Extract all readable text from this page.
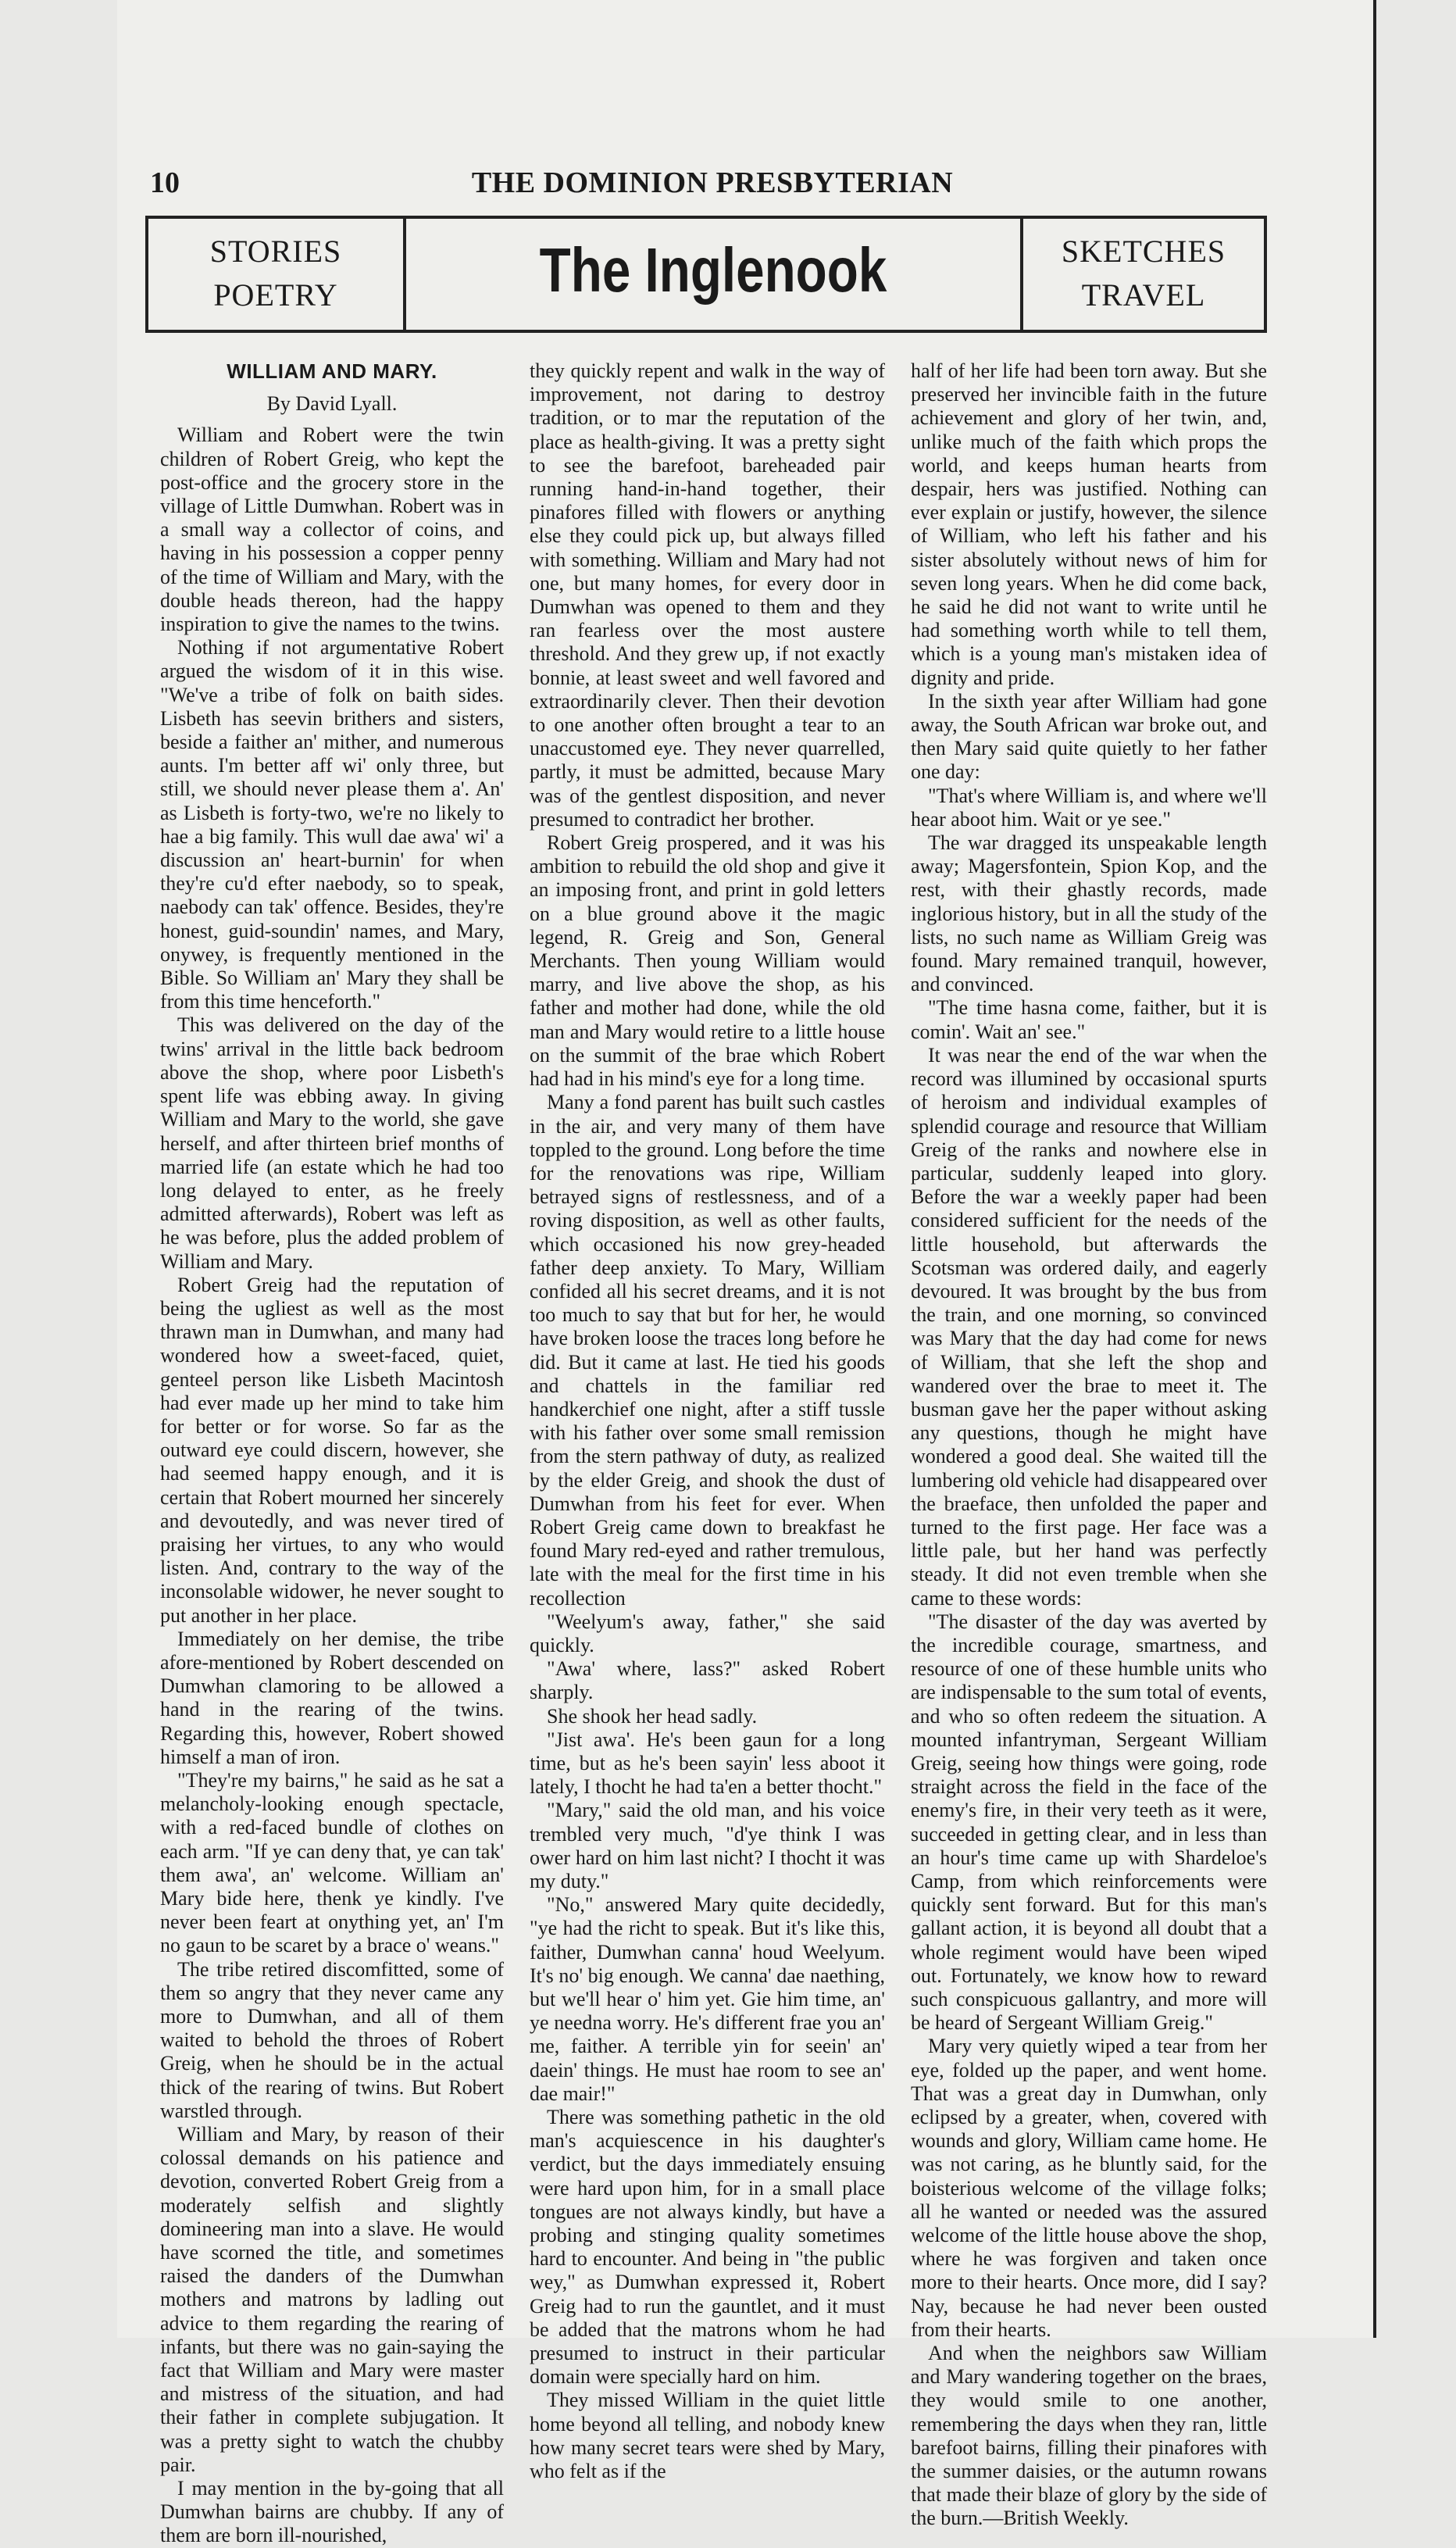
10	THE DOMINION PRESBYTERIAN
STORIES
POETRY	The Inglenook	SKETCHES
TRAVEL
WILLIAM AND MARY.
By David Lyall.

William and Robert were the twin children of Robert Greig, who kept the post-office and the grocery store in the village of Little Dumwhan. Robert was in a small way a collector of coins, and having in his possession a copper penny of the time of William and Mary, with the double heads thereon, had the happy inspiration to give the names to the twins.

Nothing if not argumentative Robert argued the wisdom of it in this wise. "We've a tribe of folk on baith sides. Lisbeth has seevin brithers and sisters, beside a faither an' mither, and numerous aunts. I'm better aff wi' only three, but still, we should never please them a'. An' as Lisbeth is forty-two, we're no likely to hae a big family. This wull dae awa' wi' a discussion an' heart-burnin' for when they're cu'd efter naebody, so to speak, naebody can tak' offence. Besides, they're honest, guid-soundin' names, and Mary, onywey, is frequently mentioned in the Bible. So William an' Mary they shall be from this time henceforth."

This was delivered on the day of the twins' arrival in the little back bedroom above the shop, where poor Lisbeth's spent life was ebbing away. In giving William and Mary to the world, she gave herself, and after thirteen brief months of married life (an estate which he had too long delayed to enter, as he freely admitted afterwards), Robert was left as he was before, plus the added problem of William and Mary.

Robert Greig had the reputation of being the ugliest as well as the most thrawn man in Dumwhan, and many had wondered how a sweet-faced, quiet, genteel person like Lisbeth Macintosh had ever made up her mind to take him for better or for worse. So far as the outward eye could discern, however, she had seemed happy enough, and it is certain that Robert mourned her sincerely and devoutedly, and was never tired of praising her virtues, to any who would listen. And, contrary to the way of the inconsolable widower, he never sought to put another in her place.

Immediately on her demise, the tribe afore-mentioned by Robert descended on Dumwhan clamoring to be allowed a hand in the rearing of the twins. Regarding this, however, Robert showed himself a man of iron.

"They're my bairns," he said as he sat a melancholy-looking enough spectacle, with a red-faced bundle of clothes on each arm. "If ye can deny that, ye can tak' them awa', an' welcome. William an' Mary bide here, thenk ye kindly. I've never been feart at onything yet, an' I'm no gaun to be scaret by a brace o' weans."

The tribe retired discomfitted, some of them so angry that they never came any more to Dumwhan, and all of them waited to behold the throes of Robert Greig, when he should be in the actual thick of the rearing of twins. But Robert warstled through.

William and Mary, by reason of their colossal demands on his patience and devotion, converted Robert Greig from a moderately selfish and slightly domineering man into a slave. He would have scorned the title, and sometimes raised the danders of the Dumwhan mothers and matrons by ladling out advice to them regarding the rearing of infants, but there was no gain-saying the fact that William and Mary were master and mistress of the situation, and had their father in complete subjugation. It was a pretty sight to watch the chubby pair.

I may mention in the by-going that all Dumwhan bairns are chubby. If any of them are born ill-nourished,

they quickly repent and walk in the way of improvement, not daring to destroy tradition, or to mar the reputation of the place as health-giving. It was a pretty sight to see the barefoot, bareheaded pair running hand-in-hand together, their pinafores filled with flowers or anything else they could pick up, but always filled with something. William and Mary had not one, but many homes, for every door in Dumwhan was opened to them and they ran fearless over the most austere threshold. And they grew up, if not exactly bonnie, at least sweet and well favored and extraordinarily clever. Then their devotion to one another often brought a tear to an unaccustomed eye. They never quarrelled, partly, it must be admitted, because Mary was of the gentlest disposition, and never presumed to contradict her brother.

Robert Greig prospered, and it was his ambition to rebuild the old shop and give it an imposing front, and print in gold letters on a blue ground above it the magic legend, R. Greig and Son, General Merchants. Then young William would marry, and live above the shop, as his father and mother had done, while the old man and Mary would retire to a little house on the summit of the brae which Robert had had in his mind's eye for a long time.

Many a fond parent has built such castles in the air, and very many of them have toppled to the ground. Long before the time for the renovations was ripe, William betrayed signs of restlessness, and of a roving disposition, as well as other faults, which occasioned his now grey-headed father deep anxiety. To Mary, William confided all his secret dreams, and it is not too much to say that but for her, he would have broken loose the traces long before he did. But it came at last. He tied his goods and chattels in the familiar red handkerchief one night, after a stiff tussle with his father over some small remission from the stern pathway of duty, as realized by the elder Greig, and shook the dust of Dumwhan from his feet for ever. When Robert Greig came down to breakfast he found Mary red-eyed and rather tremulous, late with the meal for the first time in his recollection

"Weelyum's away, father," she said quickly.

"Awa' where, lass?" asked Robert sharply.

She shook her head sadly.

"Jist awa'. He's been gaun for a long time, but as he's been sayin' less aboot it lately, I thocht he had ta'en a better thocht."

"Mary," said the old man, and his voice trembled very much, "d'ye think I was ower hard on him last nicht? I thocht it was my duty."

"No," answered Mary quite decidedly, "ye had the richt to speak. But it's like this, faither, Dumwhan canna' houd Weelyum. It's no' big enough. We canna' dae naething, but we'll hear o' him yet. Gie him time, an' ye needna worry. He's different frae you an' me, faither. A terrible yin for seein' an' daein' things. He must hae room to see an' dae mair!"

There was something pathetic in the old man's acquiescence in his daughter's verdict, but the days immediately ensuing were hard upon him, for in a small place tongues are not always kindly, but have a probing and stinging quality sometimes hard to encounter. And being in "the public wey," as Dumwhan expressed it, Robert Greig had to run the gauntlet, and it must be added that the matrons whom he had presumed to instruct in their particular domain were specially hard on him.

They missed William in the quiet little home beyond all telling, and nobody knew how many secret tears were shed by Mary, who felt as if the

half of her life had been torn away. But she preserved her invincible faith in the future achievement and glory of her twin, and, unlike much of the faith which props the world, and keeps human hearts from despair, hers was justified. Nothing can ever explain or justify, however, the silence of William, who left his father and his sister absolutely without news of him for seven long years. When he did come back, he said he did not want to write until he had something worth while to tell them, which is a young man's mistaken idea of dignity and pride.

In the sixth year after William had gone away, the South African war broke out, and then Mary said quite quietly to her father one day:

"That's where William is, and where we'll hear aboot him. Wait or ye see."

The war dragged its unspeakable length away; Magersfontein, Spion Kop, and the rest, with their ghastly records, made inglorious history, but in all the study of the lists, no such name as William Greig was found. Mary remained tranquil, however, and convinced.

"The time hasna come, faither, but it is comin'. Wait an' see."

It was near the end of the war when the record was illumined by occasional spurts of heroism and individual examples of splendid courage and resource that William Greig of the ranks and nowhere else in particular, suddenly leaped into glory. Before the war a weekly paper had been considered sufficient for the needs of the little household, but afterwards the Scotsman was ordered daily, and eagerly devoured. It was brought by the bus from the train, and one morning, so convinced was Mary that the day had come for news of William, that she left the shop and wandered over the brae to meet it. The busman gave her the paper without asking any questions, though he might have wondered a good deal. She waited till the lumbering old vehicle had disappeared over the braeface, then unfolded the paper and turned to the first page. Her face was a little pale, but her hand was perfectly steady. It did not even tremble when she came to these words:

"The disaster of the day was averted by the incredible courage, smartness, and resource of one of these humble units who are indispensable to the sum total of events, and who so often redeem the situation. A mounted infantryman, Sergeant William Greig, seeing how things were going, rode straight across the field in the face of the enemy's fire, in their very teeth as it were, succeeded in getting clear, and in less than an hour's time came up with Shardeloe's Camp, from which reinforcements were quickly sent forward. But for this man's gallant action, it is beyond all doubt that a whole regiment would have been wiped out. Fortunately, we know how to reward such conspicuous gallantry, and more will be heard of Sergeant William Greig."

Mary very quietly wiped a tear from her eye, folded up the paper, and went home. That was a great day in Dumwhan, only eclipsed by a greater, when, covered with wounds and glory, William came home. He was not caring, as he bluntly said, for the boisterious welcome of the village folks; all he wanted or needed was the assured welcome of the little house above the shop, where he was forgiven and taken once more to their hearts. Once more, did I say? Nay, because he had never been ousted from their hearts.

And when the neighbors saw William and Mary wandering together on the braes, they would smile to one another, remembering the days when they ran, little barefoot bairns, filling their pinafores with the summer daisies, or the autumn rowans that made their blaze of glory by the side of the burn.—British Weekly.
